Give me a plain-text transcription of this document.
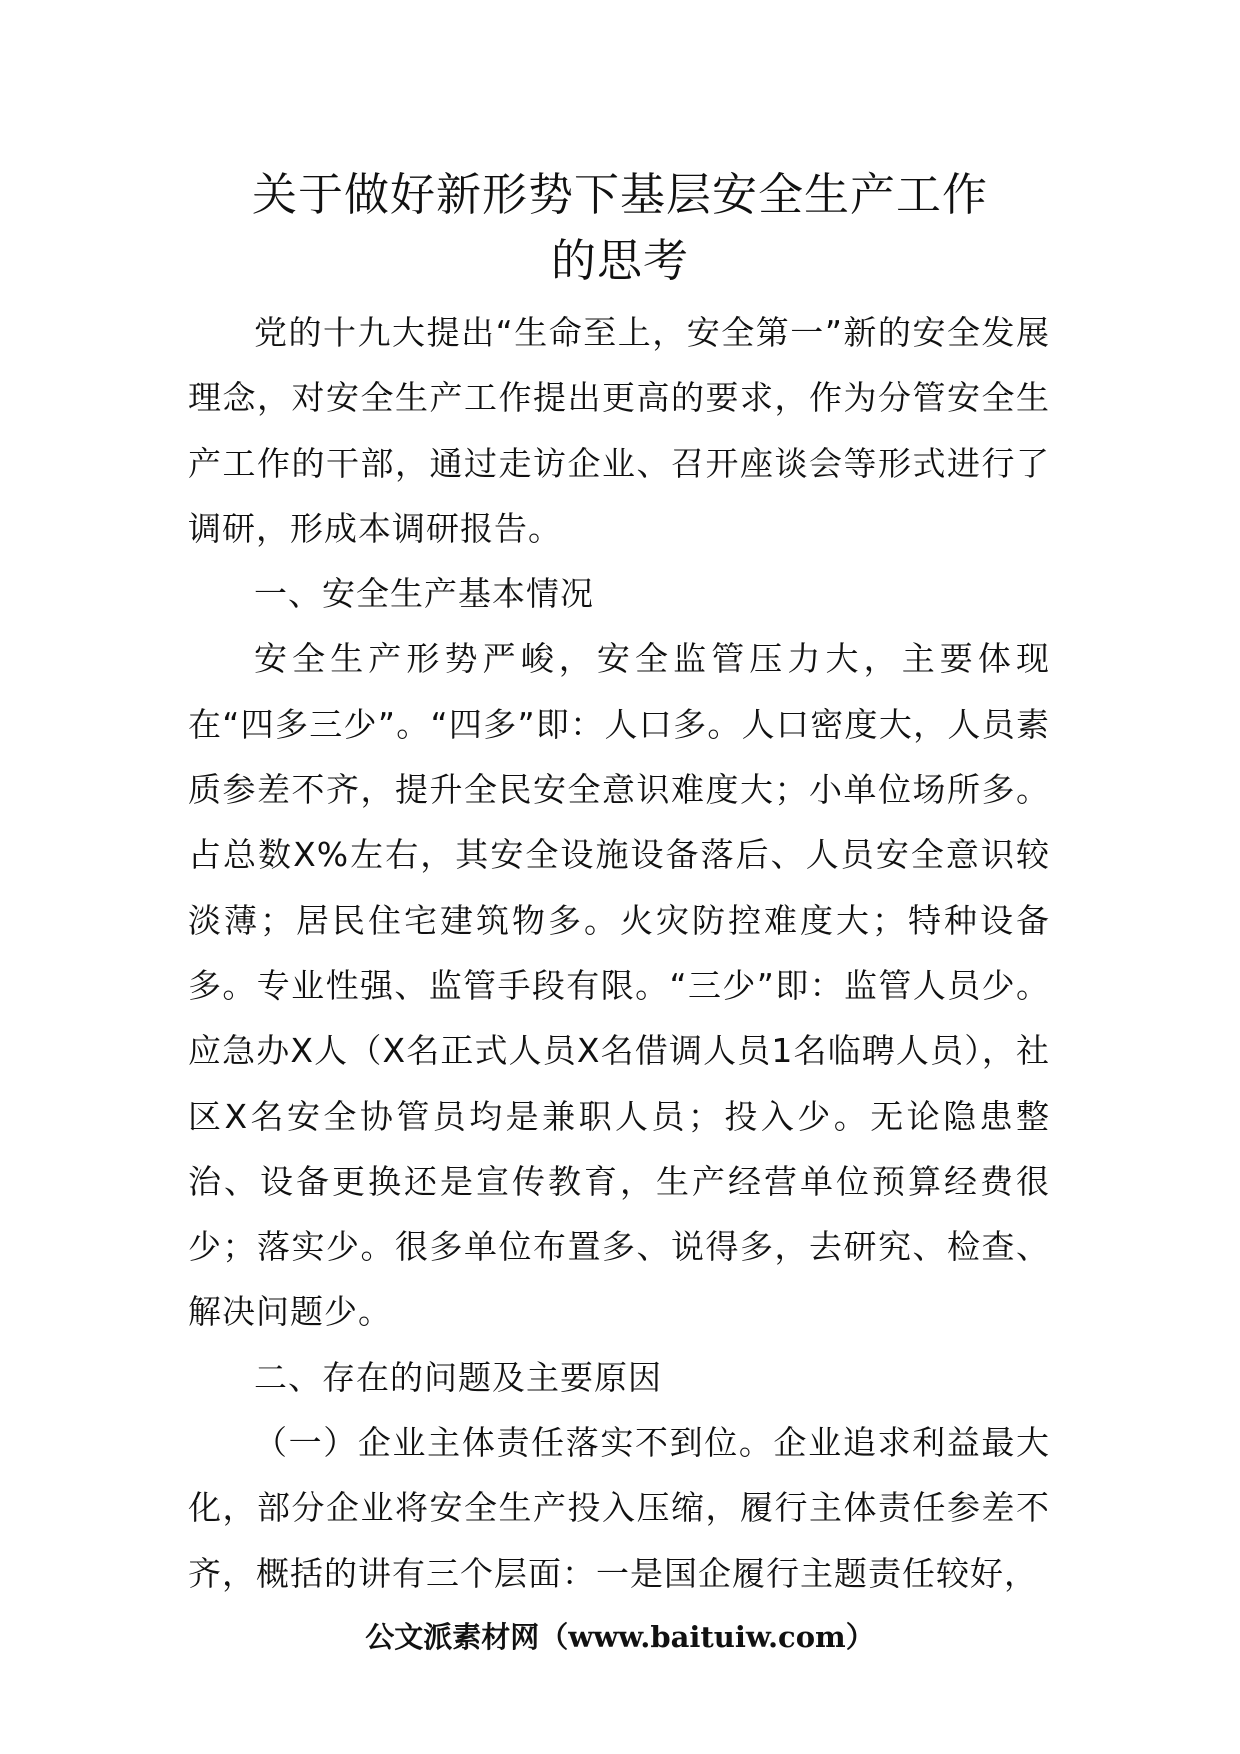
关于做好新形势下基层安全生产工作
的思考

党的十九大提出“生命至上，安全第一”新的安全发展理念，对安全生产工作提出更高的要求，作为分管安全生产工作的干部，通过走访企业、召开座谈会等形式进行了调研，形成本调研报告。

一、安全生产基本情况

安全生产形势严峻，安全监管压力大，主要体现在“四多三少”。“四多”即：人口多。人口密度大，人员素质参差不齐，提升全民安全意识难度大；小单位场所多。占总数X%左右，其安全设施设备落后、人员安全意识较淡薄；居民住宅建筑物多。火灾防控难度大；特种设备多。专业性强、监管手段有限。“三少”即：监管人员少。应急办X人（X名正式人员X名借调人员1名临聘人员），社区X名安全协管员均是兼职人员；投入少。无论隐患整治、设备更换还是宣传教育，生产经营单位预算经费很少；落实少。很多单位布置多、说得多，去研究、检查、解决问题少。

二、存在的问题及主要原因

（一）企业主体责任落实不到位。企业追求利益最大化，部分企业将安全生产投入压缩，履行主体责任参差不齐，概括的讲有三个层面：一是国企履行主题责任较好，

公文派素材网（www.baituiw.com）
